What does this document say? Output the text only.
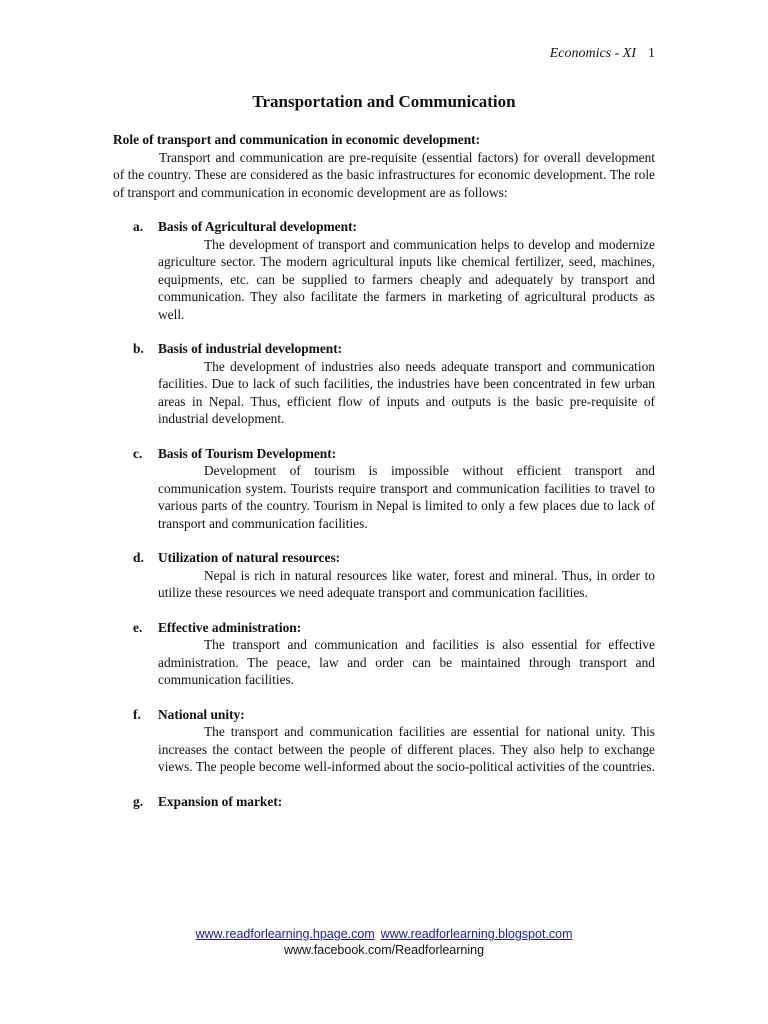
Economics - XI 1
Transportation and Communication
Role of transport and communication in economic development:

Transport and communication are pre-requisite (essential factors) for overall development of the country. These are considered as the basic infrastructures for economic development. The role of transport and communication in economic development are as follows:

a. Basis of Agricultural development:

The development of transport and communication helps to develop and modernize agriculture sector. The modern agricultural inputs like chemical fertilizer, seed, machines, equipments, etc. can be supplied to farmers cheaply and adequately by transport and communication. They also facilitate the farmers in marketing of agricultural products as well.

b. Basis of industrial development:

The development of industries also needs adequate transport and communication facilities. Due to lack of such facilities, the industries have been concentrated in few urban areas in Nepal. Thus, efficient flow of inputs and outputs is the basic pre-requisite of industrial development.

c. Basis of Tourism Development:

Development of tourism is impossible without efficient transport and communication system. Tourists require transport and communication facilities to travel to various parts of the country. Tourism in Nepal is limited to only a few places due to lack of transport and communication facilities.

d. Utilization of natural resources:

Nepal is rich in natural resources like water, forest and mineral. Thus, in order to utilize these resources we need adequate transport and communication facilities.

e. Effective administration:

The transport and communication and facilities is also essential for effective administration. The peace, law and order can be maintained through transport and communication facilities.

f. National unity:

The transport and communication facilities are essential for national unity. This increases the contact between the people of different places. They also help to exchange views. The people become well-informed about the socio-political activities of the countries.

g. Expansion of market:
www.readforlearning.hpage.com www.readforlearning.blogspot.com
www.facebook.com/Readforlearning
